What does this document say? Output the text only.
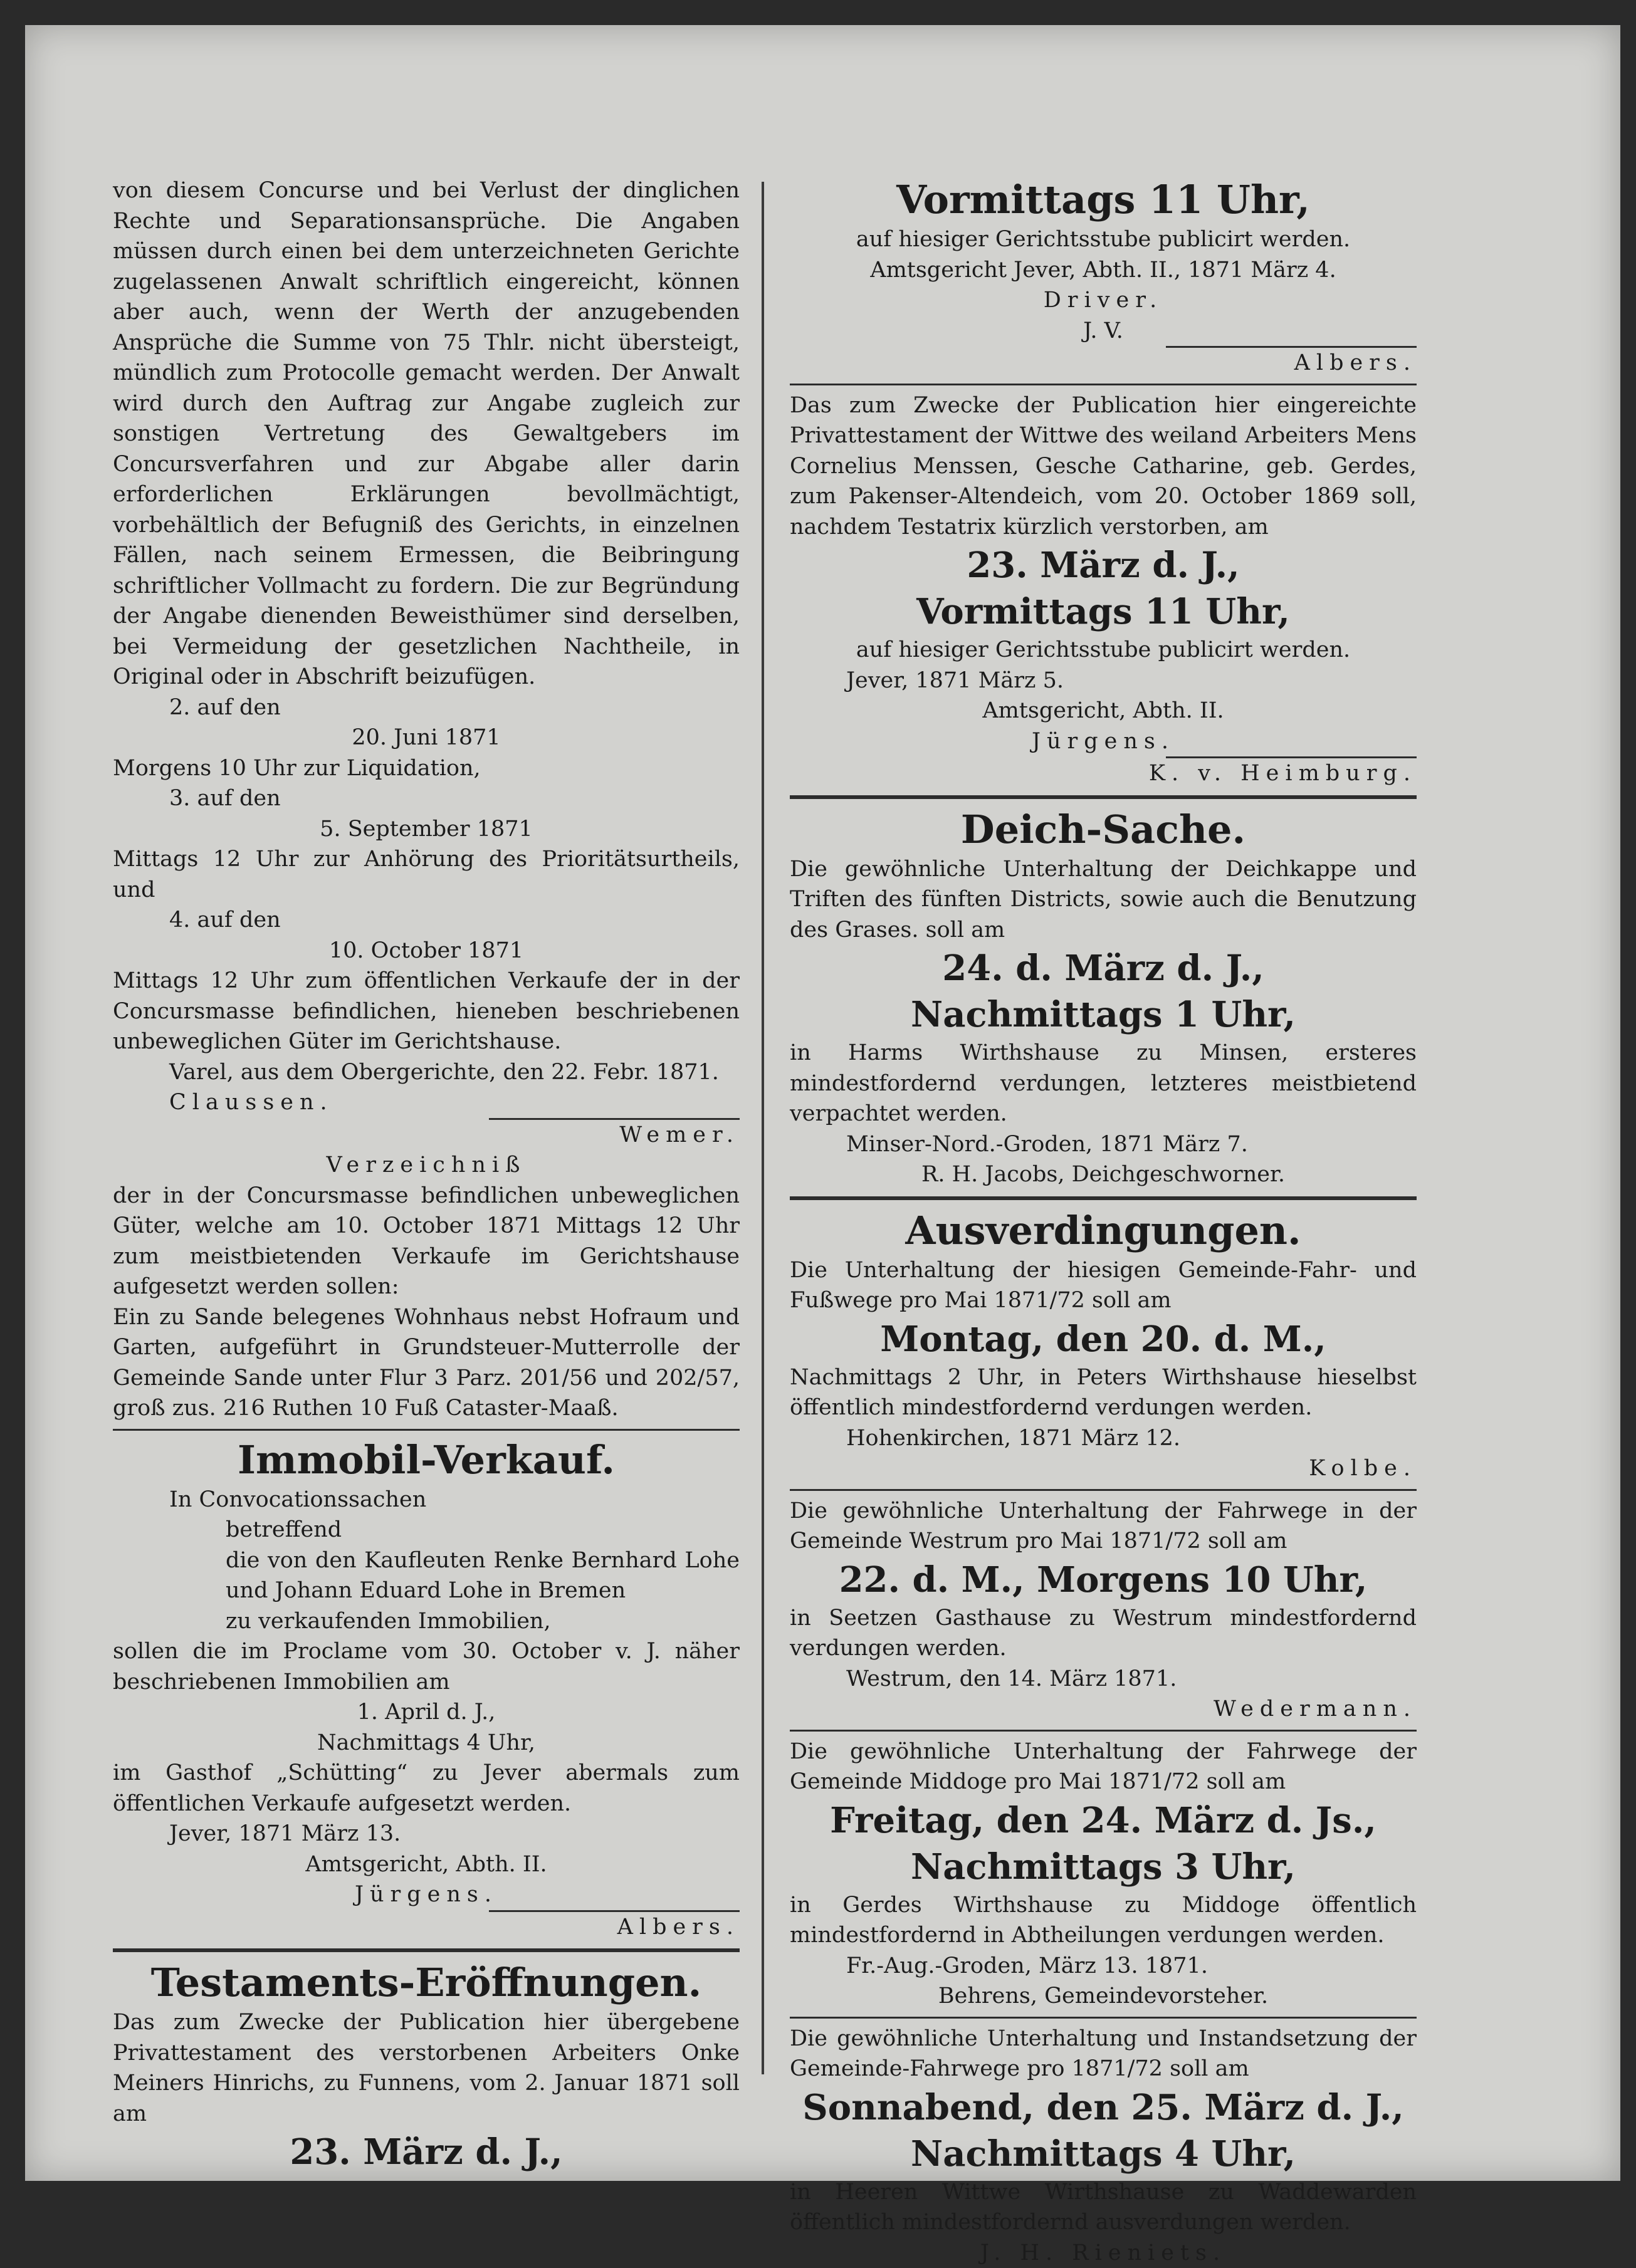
von diesem Concurse und bei Verlust der dinglichen Rechte und Separationsansprüche. Die Angaben müssen durch einen bei dem unterzeichneten Gerichte zugelassenen Anwalt schriftlich eingereicht, können aber auch, wenn der Werth der anzugebenden Ansprüche die Summe von 75 Thlr. nicht übersteigt, mündlich zum Protocolle gemacht werden. Der Anwalt wird durch den Auftrag zur Angabe zugleich zur sonstigen Vertretung des Gewaltgebers im Concursverfahren und zur Abgabe aller darin erforderlichen Erklärungen bevollmächtigt, vorbehältlich der Befugniß des Gerichts, in einzelnen Fällen, nach seinem Ermessen, die Beibringung schriftlicher Vollmacht zu fordern. Die zur Begründung der Angabe dienenden Beweisthümer sind derselben, bei Vermeidung der gesetzlichen Nachtheile, in Original oder in Abschrift beizufügen.

2. auf den

20. Juni 1871

Morgens 10 Uhr zur Liquidation,

3. auf den

5. September 1871

Mittags 12 Uhr zur Anhörung des Prioritätsurtheils, und

4. auf den

10. October 1871

Mittags 12 Uhr zum öffentlichen Verkaufe der in der Concursmasse befindlichen, hieneben beschriebenen unbeweglichen Güter im Gerichtshause.

Varel, aus dem Obergerichte, den 22. Febr. 1871.

Claussen.

Wemer.

Verzeichniß

der in der Concursmasse befindlichen unbeweglichen Güter, welche am 10. October 1871 Mittags 12 Uhr zum meistbietenden Verkaufe im Gerichtshause aufgesetzt werden sollen:

Ein zu Sande belegenes Wohnhaus nebst Hofraum und Garten, aufgeführt in Grundsteuer-Mutterrolle der Gemeinde Sande unter Flur 3 Parz. 201/56 und 202/57, groß zus. 216 Ruthen 10 Fuß Cataster-Maaß.

Immobil-Verkauf.

In Convocationssachen

betreffend

die von den Kaufleuten Renke Bernhard Lohe und Johann Eduard Lohe in Bremen

zu verkaufenden Immobilien,

sollen die im Proclame vom 30. October v. J. näher beschriebenen Immobilien am

1. April d. J.,

Nachmittags 4 Uhr,

im Gasthof „Schütting“ zu Jever abermals zum öffentlichen Verkaufe aufgesetzt werden.

Jever, 1871 März 13.

Amtsgericht, Abth. II.

Jürgens.

Albers.

Testaments-Eröffnungen.

Das zum Zwecke der Publication hier übergebene Privattestament des verstorbenen Arbeiters Onke Meiners Hinrichs, zu Funnens, vom 2. Januar 1871 soll am

23. März d. J.,

Vormittags 11 Uhr,

auf hiesiger Gerichtsstube publicirt werden.

Amtsgericht Jever, Abth. II., 1871 März 4.

Driver.

J. V.

Albers.

Das zum Zwecke der Publication hier eingereichte Privattestament der Wittwe des weiland Arbeiters Mens Cornelius Menssen, Gesche Catharine, geb. Gerdes, zum Pakenser-Altendeich, vom 20. October 1869 soll, nachdem Testatrix kürzlich verstorben, am

23. März d. J.,

Vormittags 11 Uhr,

auf hiesiger Gerichtsstube publicirt werden.

Jever, 1871 März 5.

Amtsgericht, Abth. II.

Jürgens.

K. v. Heimburg.

Deich-Sache.

Die gewöhnliche Unterhaltung der Deichkappe und Triften des fünften Districts, sowie auch die Benutzung des Grases. soll am

24. d. März d. J.,

Nachmittags 1 Uhr,

in Harms Wirthshause zu Minsen, ersteres mindestfordernd verdungen, letzteres meistbietend verpachtet werden.

Minser-Nord.-Groden, 1871 März 7.

R. H. Jacobs, Deichgeschworner.

Ausverdingungen.

Die Unterhaltung der hiesigen Gemeinde-Fahr- und Fußwege pro Mai 1871/72 soll am

Montag, den 20. d. M.,

Nachmittags 2 Uhr, in Peters Wirthshause hieselbst öffentlich mindestfordernd verdungen werden.

Hohenkirchen, 1871 März 12.

Kolbe.

Die gewöhnliche Unterhaltung der Fahrwege in der Gemeinde Westrum pro Mai 1871/72 soll am

22. d. M., Morgens 10 Uhr,

in Seetzen Gasthause zu Westrum mindestfordernd verdungen werden.

Westrum, den 14. März 1871.

Wedermann.

Die gewöhnliche Unterhaltung der Fahrwege der Gemeinde Middoge pro Mai 1871/72 soll am

Freitag, den 24. März d. Js.,

Nachmittags 3 Uhr,

in Gerdes Wirthshause zu Middoge öffentlich mindestfordernd in Abtheilungen verdungen werden.

Fr.-Aug.-Groden, März 13. 1871.

Behrens, Gemeindevorsteher.

Die gewöhnliche Unterhaltung und Instandsetzung der Gemeinde-Fahrwege pro 1871/72 soll am

Sonnabend, den 25. März d. J.,

Nachmittags 4 Uhr,

in Heeren Wittwe Wirthshause zu Waddewarden öffentlich mindestfordernd ausverdungen werden.

J. H. Rieniets.
